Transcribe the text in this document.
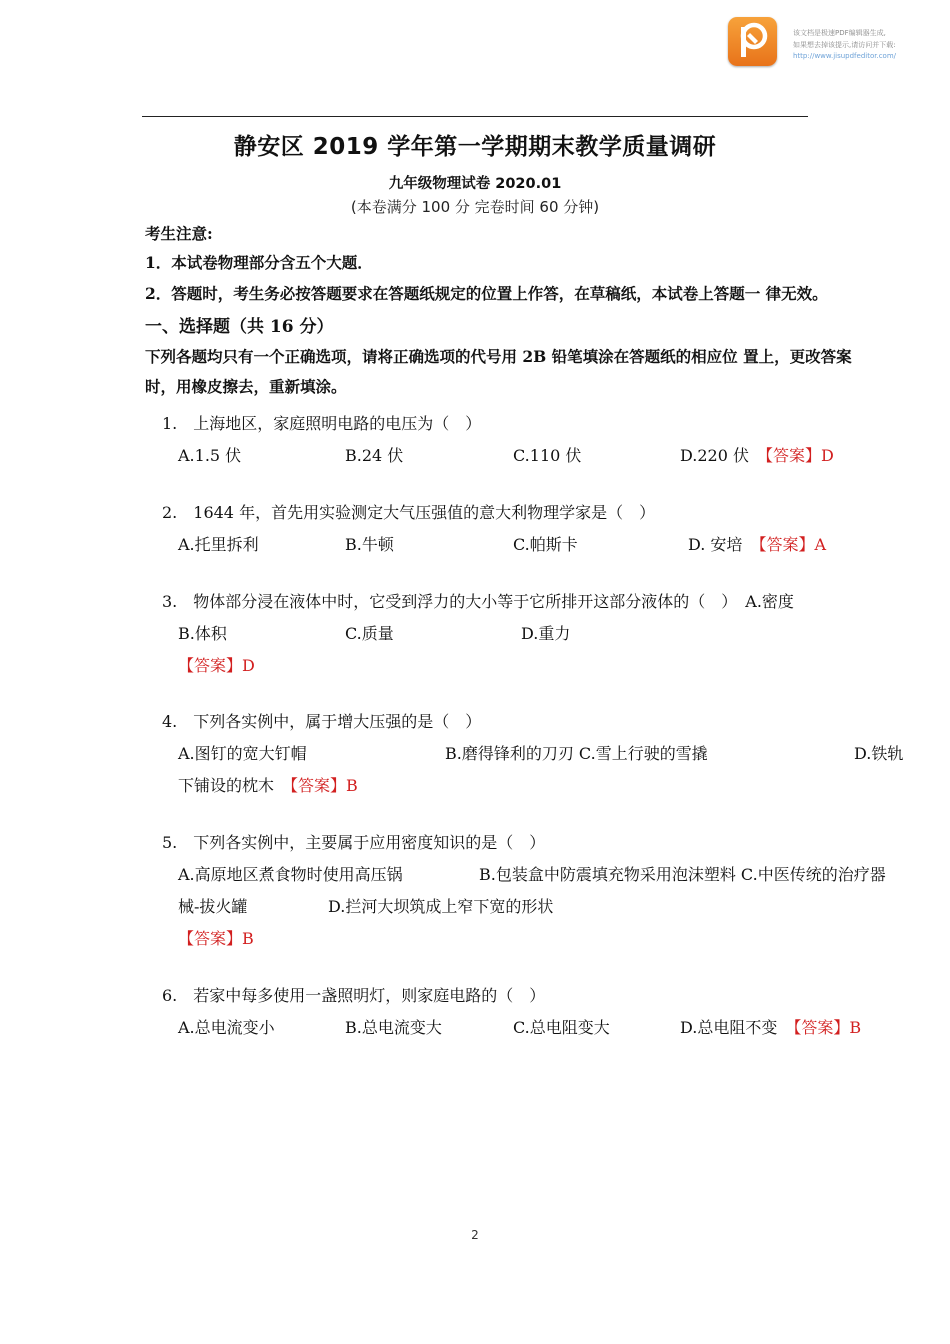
该文档是极速PDF编辑器生成,
如果想去掉该提示,请访问并下载:
http://www.jisupdfeditor.com/
静安区 2019 学年第一学期期末教学质量调研
九年级物理试卷 2020.01
(本卷满分 100 分 完卷时间 60 分钟)
考生注意:
1．本试卷物理部分含五个大题．
2．答题时，考生务必按答题要求在答题纸规定的位置上作答，在草稿纸，本试卷上答题一 律无效。
一、选择题（共 16 分）
下列各题均只有一个正确选项，请将正确选项的代号用 2B 铅笔填涂在答题纸的相应位 置上，更改答案
时，用橡皮擦去，重新填涂。
1.　上海地区，家庭照明电路的电压为（　）
A.1.5 伏	B.24 伏	C.110 伏	D.220 伏 【答案】D
2.　1644 年，首先用实验测定大气压强值的意大利物理学家是（　）
A.托里拆利	B.牛顿	C.帕斯卡	D. 安培 【答案】A
3.　物体部分浸在液体中时，它受到浮力的大小等于它所排开这部分液体的（　） A.密度
B.体积	C.质量	D.重力
【答案】D
4.　下列各实例中，属于增大压强的是（　）
A.图钉的宽大钉帽	B.磨得锋利的刀刃 C.雪上行驶的雪撬	D.铁轨
下铺设的枕木 【答案】B
5.　下列各实例中，主要属于应用密度知识的是（　）
A.高原地区煮食物时使用高压锅	B.包装盒中防震填充物采用泡沫塑料 C.中医传统的治疗器
械-拔火罐	D.拦河大坝筑成上窄下宽的形状
【答案】B
6.　若家中每多使用一盏照明灯，则家庭电路的（　）
A.总电流变小	B.总电流变大	C.总电阻变大	D.总电阻不变 【答案】B
2
